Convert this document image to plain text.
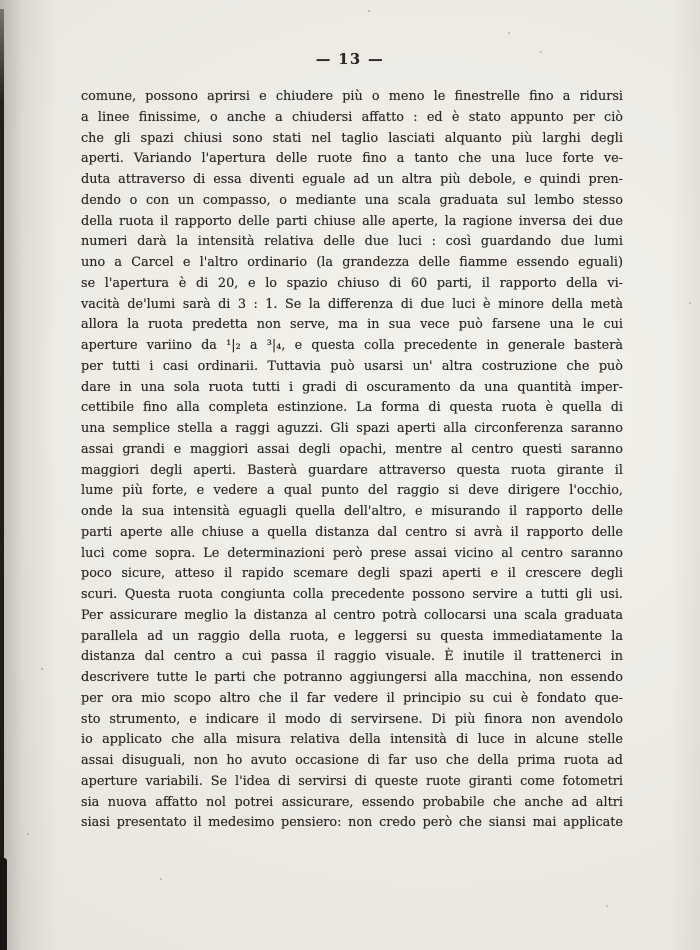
— 13 —
comune, possono aprirsi e chiudere più o meno le finestrelle fino a ridursi
a linee finissime, o anche a chiudersi affatto : ed è stato appunto per ciò
che gli spazi chiusi sono stati nel taglio lasciati alquanto più larghi degli
aperti. Variando l'apertura delle ruote fino a tanto che una luce forte ve-
duta attraverso di essa diventi eguale ad un altra più debole, e quindi pren-
dendo o con un compasso, o mediante una scala graduata sul lembo stesso
della ruota il rapporto delle parti chiuse alle aperte, la ragione inversa dei due
numeri darà la intensità relativa delle due luci : così guardando due lumi
uno a Carcel e l'altro ordinario (la grandezza delle fiamme essendo eguali)
se l'apertura è di 20, e lo spazio chiuso di 60 parti, il rapporto della vi-
vacità de'lumi sarà di 3 : 1. Se la differenza di due luci è minore della metà
allora la ruota predetta non serve, ma in sua vece può farsene una le cui
aperture variino da ¹|₂ a ³|₄, e questa colla precedente in generale basterà
per tutti i casi ordinarii. Tuttavia può usarsi un' altra costruzione che può
dare in una sola ruota tutti i gradi di oscuramento da una quantità imper-
cettibile fino alla completa estinzione. La forma di questa ruota è quella di
una semplice stella a raggi aguzzi. Gli spazi aperti alla circonferenza saranno
assai grandi e maggiori assai degli opachi, mentre al centro questi saranno
maggiori degli aperti. Basterà guardare attraverso questa ruota girante il
lume più forte, e vedere a qual punto del raggio si deve dirigere l'occhio,
onde la sua intensità eguagli quella dell'altro, e misurando il rapporto delle
parti aperte alle chiuse a quella distanza dal centro si avrà il rapporto delle
luci come sopra. Le determinazioni però prese assai vicino al centro saranno
poco sicure, atteso il rapido scemare degli spazi aperti e il crescere degli
scuri. Questa ruota congiunta colla precedente possono servire a tutti gli usi.
Per assicurare meglio la distanza al centro potrà collocarsi una scala graduata
parallela ad un raggio della ruota, e leggersi su questa immediatamente la
distanza dal centro a cui passa il raggio visuale. È inutile il trattenerci in
descrivere tutte le parti che potranno aggiungersi alla macchina, non essendo
per ora mio scopo altro che il far vedere il principio su cui è fondato que-
sto strumento, e indicare il modo di servirsene. Di più finora non avendolo
io applicato che alla misura relativa della intensità di luce in alcune stelle
assai disuguali, non ho avuto occasione di far uso che della prima ruota ad
aperture variabili. Se l'idea di servirsi di queste ruote giranti come fotometri
sia nuova affatto nol potrei assicurare, essendo probabile che anche ad altri
siasi presentato il medesimo pensiero: non credo però che siansi mai applicate
